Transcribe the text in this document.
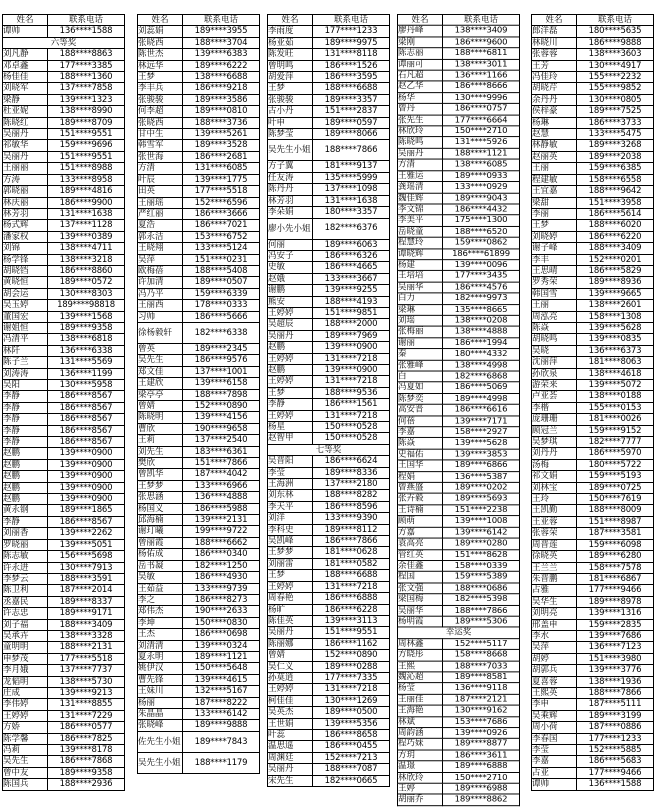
姓名	联系电话
谭帅	136****1588
六等奖	
刘凡静	188****8863
邓卓鑫	177****3385
杨佳佳	188****1360
刘晓军	137****7858
梁静	139****1323
杜亚妮	138****8990
陈晓红	189****8709
吴丽丹	151****9551
祁敏华	159****9696
吴丽丹	151****9551
王丽丽	151****8988
方涛	133****8958
郭晓丽	189****4816
林庆丽	186****9900
林芳羽	131****1638
杨式辉	137****1128
潘家权	139****0389
刘锦	138****4711
杨学锋	138****3218
胡晓铛	186****8860
黄晓恒	189****0572
胡会运	130****8303
吴玉婷	189****98818
董国宏	139****1568
谢姐恒	189****9358
冯清平	138****6818
林阡	136****6338
陈子兰	131****5569
刘涛涛	136****1199
吴阳	130****5958
李静	186****8567
李静	186****8567
李静	186****8567
李静	186****8567
李静	186****8567
赵鹏	139****0900
赵鹏	139****0900
赵鹏	139****0900
赵鹏	139****0900
赵鹏	139****0900
黄永钢	189****1865
李静	186****8567
刘丽香	139****2262
罗晓丽	139****5051
陈志敏	156****5698
许永进	130****7913
李梦云	188****3591
陈卫利	187****2014
丞嘉民	189****8337
许志忠	189****9171
刘子福	188****3409
吴承卉	138****3328
童明明	188****2131
申梦茂	177****5518
李月娥	137****7737
龙韬明	138****5730
庄成	139****9213
李伟婷	131****8855
王婷婷	131****7229
方娇	186****0577
陈学馨	186****7825
冯莉	139****8178
吴先生	186****7868
曾中友	189****9358
陈国兵	188****2936
姓名	联系电话
刘蕊娟	189****3955
张晓西	188****3704
陈世杰	139****6383
林远华	189****6222
王梦	138****6688
李丰兵	186****9218
张骏骏	189****3586
何李超	189****0810
张晓西	188****3736
甘中生	139****5261
韩雪军	189****3528
张世海	186****2681
方清	131****6085
叶辰	139****1775
田英	177****5518
王丽瑶	152****6596
严红丽	186****3666
夏浩	186****7021
郭永洁	153****6752
王晓翔	133****5124
吴萍	151****0231
欧梅蓓	188****5408
许加清	189****0507
冯乃平	159****6339
王丽西	178****0333
习帅	186****5666
徐杨毅轩	182****6338
曾英	189****2345
吴先生	186****9576
郑文佳	137****1001
王建欣	139****6158
梁亭亭	188****7898
曾婧	152****0890
陈晓明	139****4156
曹欣	190****9658
王莉	137****2540
刘先生	183****6361
樊欣	151****7866
曾凯华	187****4042
王梦梦	133****6966
张思涵	136****4888
杨国义	186****5988
邱海楠	139****2131
谢玎曦	199****9722
曾丽霞	188****6662
杨佑成	186****0340
岳书凝	182****1250
吴敏	186****4930
王茹益	133****9739
李之	186****8273
郑伟杰	190****2633
李坤	150****0830
王杰	186****0698
刘清清	139****0324
夏永明	189****1121
姚伊汉	150****5648
曹先锋	139****4615
王妹川	132****5167
杨丽	187****8222
朱晶晶	133****6142
张晓峰	189****9888
佐先生小姐	189****7843
吴先生小姐	188****1179
姓名	联系电话
李雨度	177****1233
杨亚茹	189****9975
陈发旺	131****8118
曾明鸣	186****1526
胡爱萍	186****3595
王梦	188****6688
张骏骏	189****3357
古小丹	151****2837
叶申	189****0597
陈梦莹	189****8066
吴先生小姐	188****7866
方子翼	181****9137
任友涛	135****5999
陈丹丹	137****1098
林芳羽	131****1638
李朵娟	180****3357
廖小先小姐	182****6376
何丽	189****6063
冯安子	186****6326
史敏	186****4665
赵娥	133****3667
谢鹏	139****9255
熊安	188****4193
王婷婷	151****9851
吴超辰	188****2000
吴丽丹	189****7969
赵鹏	139****0900
王婷婷	131****7218
赵鹏	139****0900
王婷婷	131****7218
王梦	188****9536
李静	186****1561
王婷婷	131****7218
杨星	150****0528
赵智甲	150****0528
七等奖	
吴晋阳	186****6624
李莹	189****8336
王海洲	137****2180
刘东林	188****8282
李天平	186****8596
刘洋	133****9390
李科史	189****8112
吴凯峰	186****7866
王梦梦	181****0628
刘丽雷	181****0582
王梦	188****6688
王婷婷	131****7218
周春艳	186****6888
杨旷	186****6228
陈佳英	139****3113
吴丽丹	151****9551
陈丽娜	186****1162
曾婧	152****0890
吴仁义	189****0288
孙莫逍	177****7335
王婷婷	131****7218
柯佳佳	130****1269
吴英杰	189****0500
王世娟	139****5356
叶蕊	186****8658
温思遥	186****0455
周渊廷	152****7213
吴丽丹	188****7087
宋先生	182****0665
姓名	联系电话
廖丹峰	138****3409
梁刚	186****9600
陈志丽	188****6811
谭丽可	138****3011
石凡超	136****1166
赵乙华	186****8666
杨华	130****9996
曾丹	186****0757
张先生	177****6664
林欣玲	150****2710
陈晓鸣	131****5926
吴丽丹	188****1121
方清	138****6085
王雅运	189****0933
龚瑶清	133****0929
魏佳辉	189****9043
李文锦	186****4432
李美平	175****1300
岳晓童	188****6520
程慧玲	159****0862
谭晓辉	186****61899
杨建	139****0096
王培培	177****3435
吴丽华	186****4576
白力	182****9973
梁琳	135****8665
刘瑶	138****0208
张梅丽	138****4888
谢丽	186****1994
秦	180****4332
张雅峰	138****4998
白	182****6868
冯夏如	186****5069
陈梦奕	189****4998
高安晋	186****6616
何蓓	139****7171
李嘉	158****2927
陈焱	139****5628
史福佑	139****3853
王国华	189****6866
程娟	136****5387
曾燕盛	189****0202
张卉毅	189****5693
王诗楠	151****2238
顾萌	139****1008
方嘉	139****6142
袁高亮	189****0280
管红英	151****8628
余佳鑫	158****0339
程国	159****5389
张文强	188****0686
梁国梅	182****5398
吴丽华	188****7866
杨明霞	189****5306
幸运奖	
周林鑫	152****5117
方晓彤	158****8668
王熙	188****7033
魏沁超	189****8581
杨莹	136****9118
王丽佳	187****2121
王海艳	130****9162
林斌	153****7686
周韵涵	139****0926
程巧妹	189****8877
方玥	186****3611
温璟	189****6888
林欣玲	150****2710
王婷	189****6988
胡丽乔	189****8862
姓名	联系电话
郎洋磊	180****5635
林晓川	186****9888
张蓉蓉	138****3603
王芳	130****4917
冯佳玲	155****2232
胡晓芹	155****9852
余丹丹	130****0805
侯梓豪	189****7525
杨琳	186****3733
赵慧	133****5475
林静敏	189****3268
赵丽英	189****2038
王丽	159****6385
程建敏	158****6558
王宜嘉	188****9642
梁甜	151****3958
李丽	186****5614
王梦	188****6020
刘晓婷	186****6220
谢子峰	188****3409
李丰	152****0201
王思晴	186****5829
罗秀荣	189****8936
韩国雪	139****9665
王丽	138****2601
周泓亮	158****1308
陈焱	139****5628
胡晓鸣	139****0835
吴晓	136****6373
沈丽萍	181****8063
孙欣泉	138****4618
游荣来	139****5072
卢亚荟	138****0188
李楷	155****0153
庞珊珊	181****0026
顾冠兰	159****9152
吴梦琪	182****7777
刘丹丹	186****5970
汤梅	180****5722
祁文娟	159****5193
刘林宝	189****0725
王玲	150****7619
王凯勤	188****8009
王亚蓉	151****8987
张蓉荣	187****3581
周晋莲	159****6098
徐晓英	189****6280
王兰兰	158****7578
朱晋鹏	181****6867
占雅	177****9466
吴华生	189****8978
刘明亮	139****1316
邢盖申	159****2835
李水	139****7686
吴萍	136****7123
胡婷	151****3980
胡郭兵	139****3776
夏喜蓉	138****1936
王熙英	188****7866
李申	187****5111
吴乘辉	189****3199
周小荷	187****0886
李春国	177****1233
李莹	152****5885
李嘉	186****5683
占亚	177****9466
谭帅	136****1588
